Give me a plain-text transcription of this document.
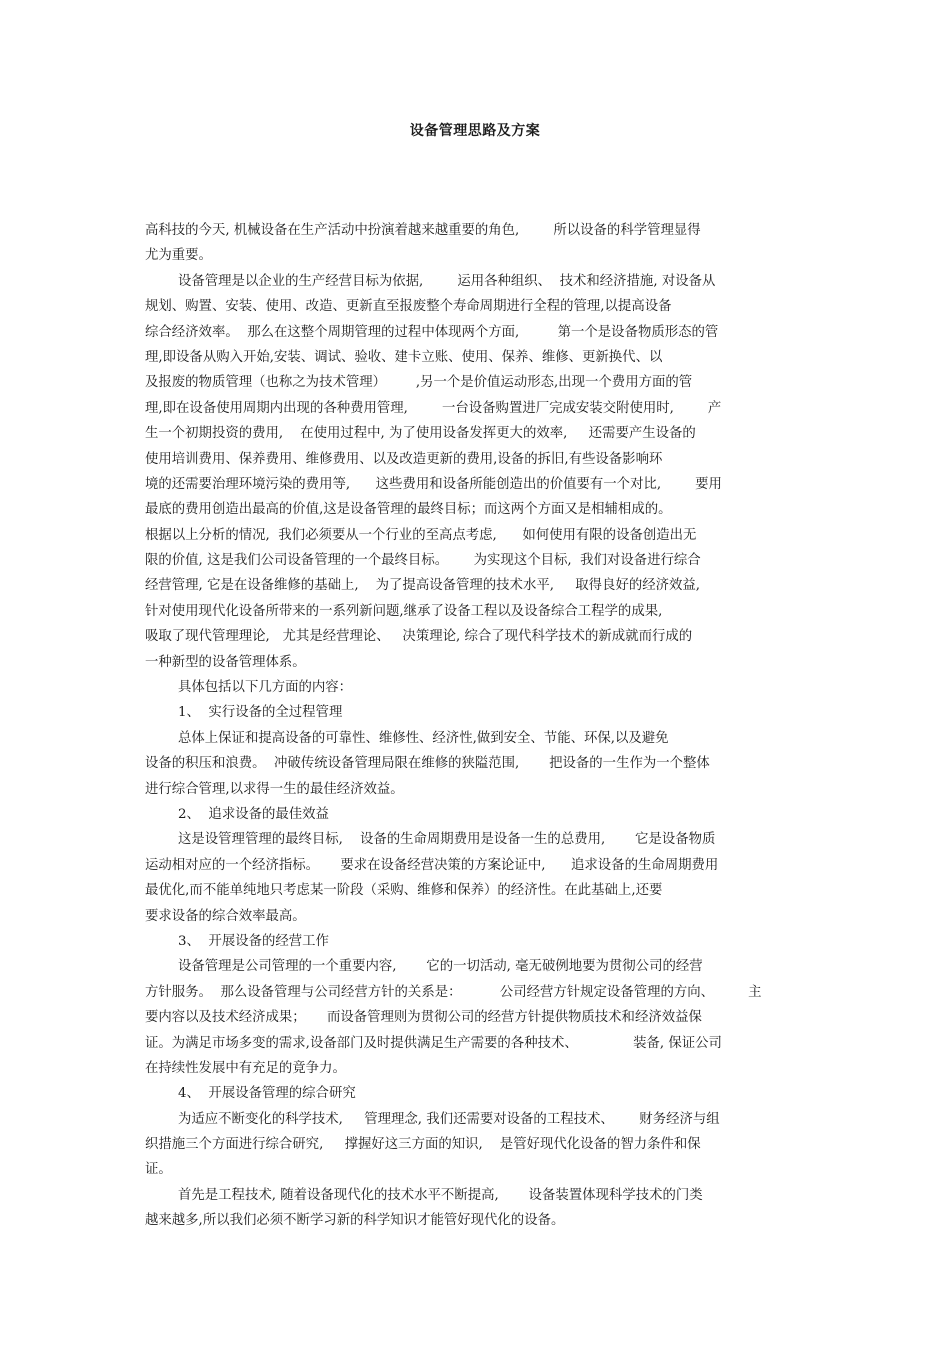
设备管理思路及方案
高科技的今天, 机械设备在生产活动中扮演着越来越重要的角色,        所以设备的科学管理显得
尤为重要。
设备管理是以企业的生产经营目标为依据,        运用各种组织、  技术和经济措施, 对设备从
规划、购置、安装、使用、改造、更新直至报废整个寿命周期进行全程的管理,以提高设备
综合经济效率。  那么在这整个周期管理的过程中体现两个方面,         第一个是设备物质形态的管
理,即设备从购入开始,安装、调试、验收、建卡立账、使用、保养、维修、更新换代、以
及报废的物质管理（也称之为技术管理）       ,另一个是价值运动形态,出现一个费用方面的管
理,即在设备使用周期内出现的各种费用管理,        一台设备购置进厂完成安装交附使用时,        产
生一个初期投资的费用,    在使用过程中, 为了使用设备发挥更大的效率,     还需要产生设备的
使用培训费用、保养费用、维修费用、以及改造更新的费用,设备的拆旧,有些设备影响环
境的还需要治理环境污染的费用等,      这些费用和设备所能创造出的价值要有一个对比,        要用
最底的费用创造出最高的价值,这是设备管理的最终目标；而这两个方面又是相辅相成的。
根据以上分析的情况,  我们必须要从一个行业的至高点考虑,      如何使用有限的设备创造出无
限的价值, 这是我们公司设备管理的一个最终目标。      为实现这个目标,  我们对设备进行综合
经营管理, 它是在设备维修的基础上,    为了提高设备管理的技术水平,     取得良好的经济效益,
针对使用现代化设备所带来的一系列新问题,继承了设备工程以及设备综合工程学的成果,
吸取了现代管理理论,   尤其是经营理论、   决策理论, 综合了现代科学技术的新成就而行成的
一种新型的设备管理体系。
具体包括以下几方面的内容：
1、  实行设备的全过程管理
总体上保证和提高设备的可靠性、维修性、经济性,做到安全、节能、环保,以及避免
设备的积压和浪费。  冲破传统设备管理局限在维修的狭隘范围,       把设备的一生作为一个整体
进行综合管理,以求得一生的最佳经济效益。
2、  追求设备的最佳效益
这是设管理管理的最终目标,    设备的生命周期费用是设备一生的总费用,       它是设备物质
运动相对应的一个经济指标。     要求在设备经营决策的方案论证中,      追求设备的生命周期费用
最优化,而不能单纯地只考虑某一阶段（采购、维修和保养）的经济性。在此基础上,还要
要求设备的综合效率最高。
3、  开展设备的经营工作
设备管理是公司管理的一个重要内容,       它的一切活动, 毫无破例地要为贯彻公司的经营
方针服务。  那么设备管理与公司经营方针的关系是：         公司经营方针规定设备管理的方向、        主
要内容以及技术经济成果；     而设备管理则为贯彻公司的经营方针提供物质技术和经济效益保
证。为满足市场多变的需求,设备部门及时提供满足生产需要的各种技术、             装备, 保证公司
在持续性发展中有充足的竟争力。
4、  开展设备管理的综合研究
为适应不断变化的科学技术,     管理理念, 我们还需要对设备的工程技术、      财务经济与组
织措施三个方面进行综合研究,     撑握好这三方面的知识,    是管好现代化设备的智力条件和保
证。
首先是工程技术, 随着设备现代化的技术水平不断提高,       设备装置体现科学技术的门类
越来越多,所以我们必须不断学习新的科学知识才能管好现代化的设备。
